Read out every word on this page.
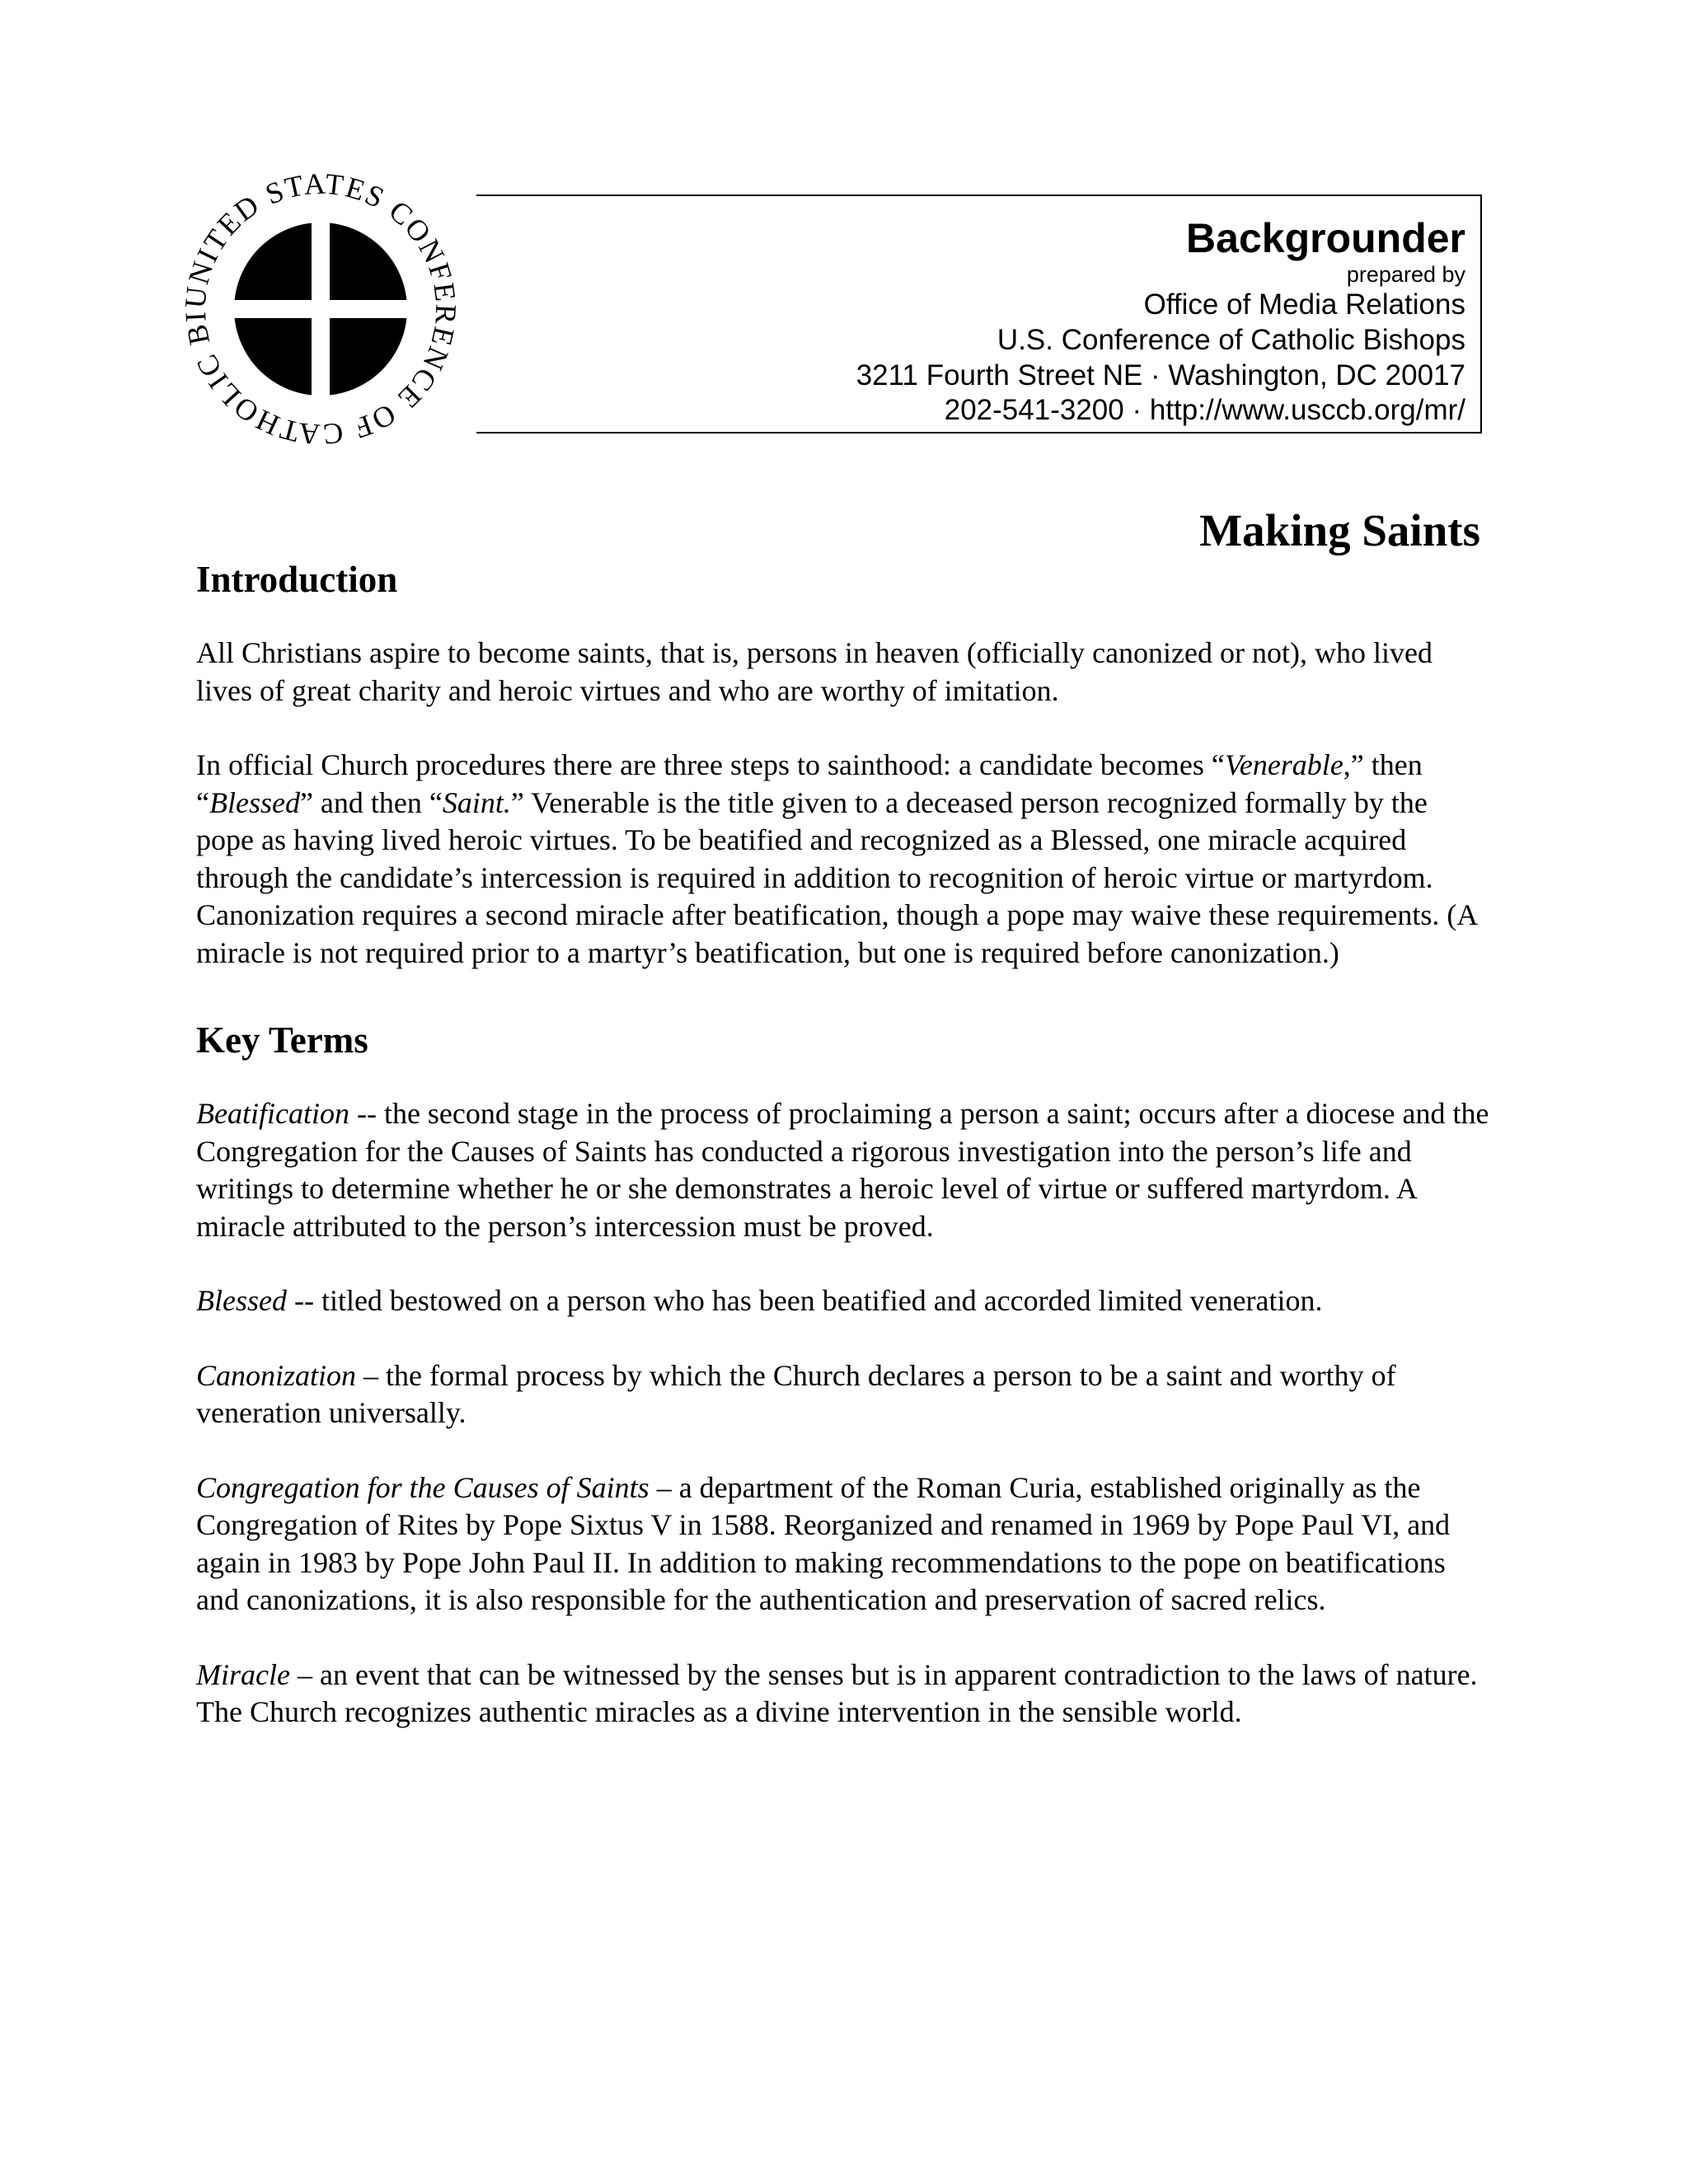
NITED STATES CONF NCE OF CATHOLIC
Backgrounder
prepared by
Office of Media Relations
U.S. Conference of Catholic Bishops
3211 Fourth Street NE · Washington, DC 20017
202-541-3200 · http://www.usccb.org/mr/
Making Saints
Introduction

All Christians aspire to become saints, that is, persons in heaven (officially canonized or not), who lived lives of great charity and heroic virtues and who are worthy of imitation.

In official Church procedures there are three steps to sainthood: a candidate becomes “Venerable,” then “Blessed” and then “Saint.” Venerable is the title given to a deceased person recognized formally by the pope as having lived heroic virtues. To be beatified and recognized as a Blessed, one miracle acquired through the candidate’s intercession is required in addition to recognition of heroic virtue or martyrdom. Canonization requires a second miracle after beatification, though a pope may waive these requirements. (A miracle is not required prior to a martyr’s beatification, but one is required before canonization.)

Key Terms

Beatification -- the second stage in the process of proclaiming a person a saint; occurs after a diocese and the Congregation for the Causes of Saints has conducted a rigorous investigation into the person’s life and writings to determine whether he or she demonstrates a heroic level of virtue or suffered martyrdom. A miracle attributed to the person’s intercession must be proved.

Blessed -- titled bestowed on a person who has been beatified and accorded limited veneration.

Canonization – the formal process by which the Church declares a person to be a saint and worthy of veneration universally.

Congregation for the Causes of Saints – a department of the Roman Curia, established originally as the Congregation of Rites by Pope Sixtus V in 1588. Reorganized and renamed in 1969 by Pope Paul VI, and again in 1983 by Pope John Paul II. In addition to making recommendations to the pope on beatifications and canonizations, it is also responsible for the authentication and preservation of sacred relics.

Miracle – an event that can be witnessed by the senses but is in apparent contradiction to the laws of nature. The Church recognizes authentic miracles as a divine intervention in the sensible world.
